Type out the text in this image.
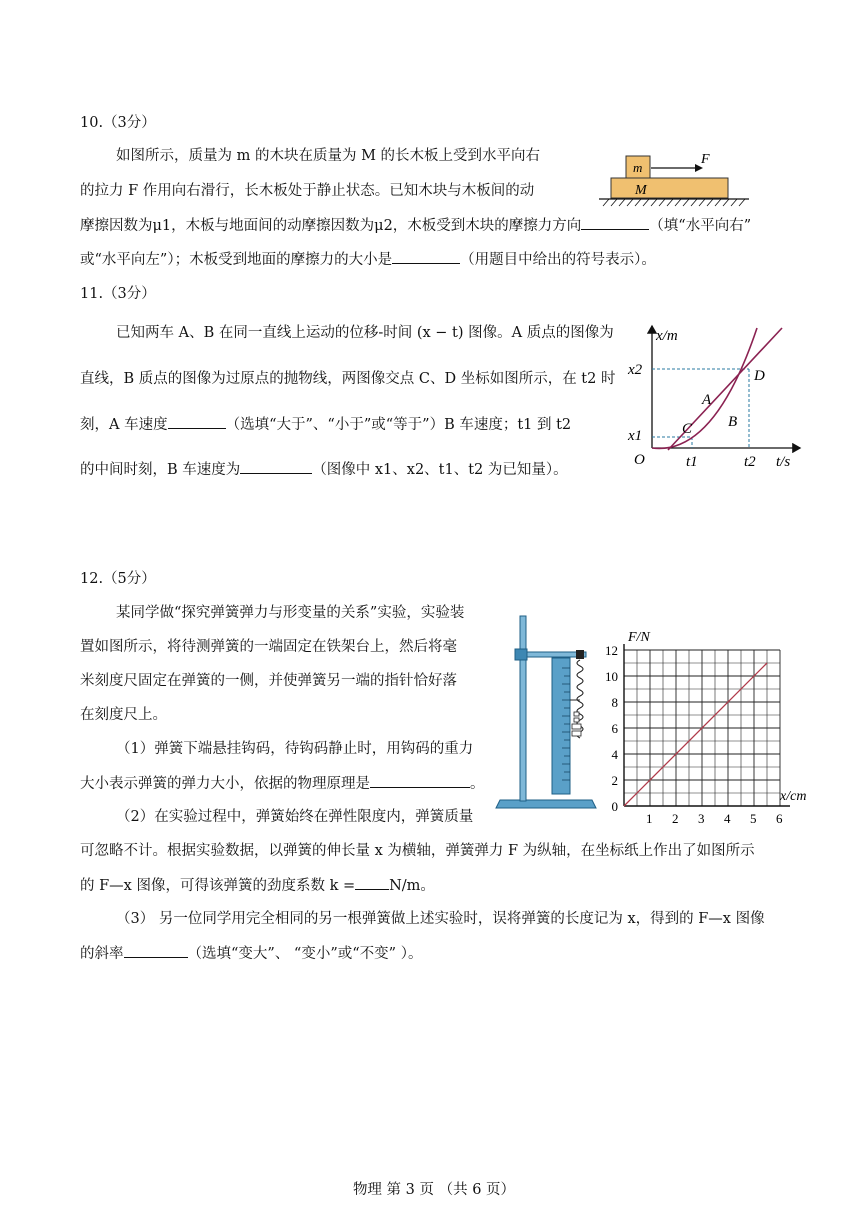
10.（3分）
如图所示，质量为 m 的木块在质量为 M 的长木板上受到水平向右
的拉力 F 作用向右滑行，长木板处于静止状态。已知木块与木板间的动
摩擦因数为μ1，木板与地面间的动摩擦因数为μ2，木板受到木块的摩擦力方向	（填“水平向右”
或“水平向左”）；木板受到地面的摩擦力的大小是	（用题目中给出的符号表示）。
m
F
M
11.（3分）
已知两车 A、B 在同一直线上运动的位移-时间 (x − t) 图像。A 质点的图像为
直线，B 质点的图像为过原点的抛物线，两图像交点 C、D 坐标如图所示，在 t2 时
刻，A 车速度	（选填“大于”、“小于”或“等于”）B 车速度；t1 到 t2
的中间时刻，B 车速度为	（图像中 x1、x2、t1、t2 为已知量）。
x/m
t/s
O
x2
x1
t1	t2
A
B
C
D
12.（5分）
某同学做“探究弹簧弹力与形变量的关系”实验，实验装
置如图所示，将待测弹簧的一端固定在铁架台上，然后将毫
米刻度尺固定在弹簧的一侧，并使弹簧另一端的指针恰好落
在刻度尺上。
（1）弹簧下端悬挂钩码，待钩码静止时，用钩码的重力
大小表示弹簧的弹力大小，依据的物理原理是	。
（2）在实验过程中，弹簧始终在弹性限度内，弹簧质量
可忽略不计。根据实验数据，以弹簧的伸长量 x 为横轴，弹簧弹力 F 为纵轴，在坐标纸上作出了如图所示
的 F—x 图像，可得该弹簧的劲度系数 k = N/m。
（3） 另一位同学用完全相同的另一根弹簧做上述实验时，误将弹簧的长度记为 x，得到的 F—x 图像
的斜率	（选填“变大”、 “变小”或“不变” ）。
F/N
x/cm
1 2 3 4 5 6
0
2
4
6
8
10
12
物理 第 3 页 （共 6 页）
